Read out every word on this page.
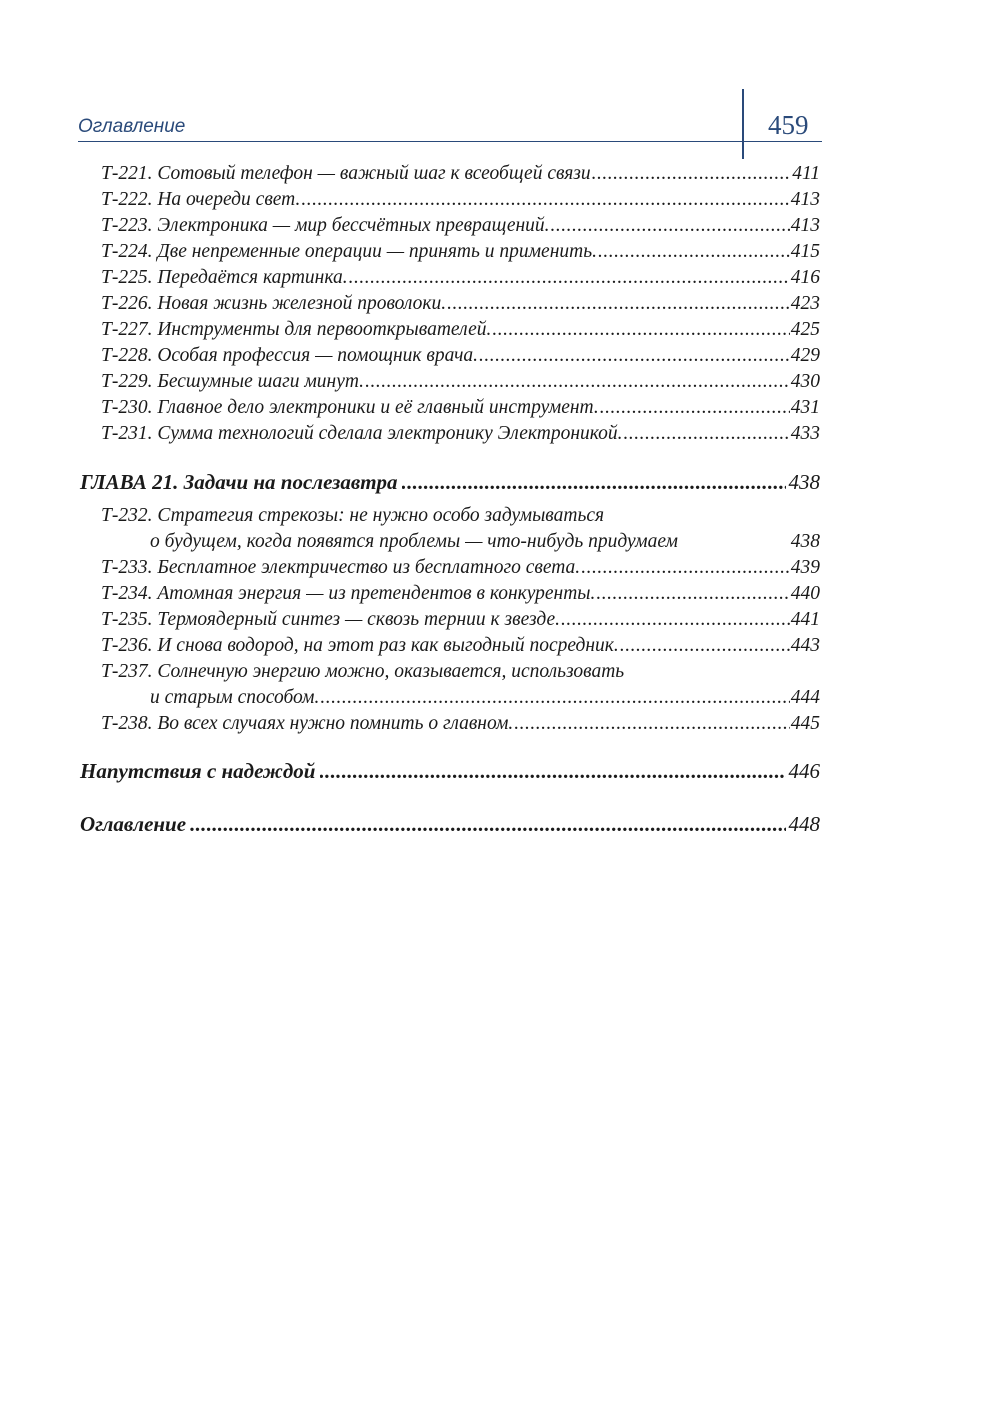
Оглавление	459
Т-221. Сотовый телефон — важный шаг к всеобщей связи .....	411
Т-222. На очереди свет. .....	413
Т-223. Электроника — мир бессчётных превращений. .....	413
Т-224. Две непременные операции — принять и применить. .....	415
Т-225. Передаётся картинка. .....	416
Т-226. Новая жизнь железной проволоки. .....	423
Т-227. Инструменты для первооткрывателей. .....	425
Т-228. Особая профессия — помощник врача. .....	429
Т-229. Бесшумные шаги минут. .....	430
Т-230. Главное дело электроники и её главный инструмент. .....	431
Т-231. Сумма технологий сделала электронику Электроникой. .....	433
ГЛАВА 21. Задачи на послезавтра .....	438
Т-232. Стратегия стрекозы: не нужно особо задумываться
о будущем, когда появятся проблемы — что-нибудь придумаем	438
Т-233. Бесплатное электричество из бесплатного света. .....	439
Т-234. Атомная энергия — из претендентов в конкуренты. .....	440
Т-235. Термоядерный синтез — сквозь тернии к звезде. .....	441
Т-236. И снова водород, на этот раз как выгодный посредник. .....	443
Т-237. Солнечную энергию можно, оказывается, использовать
и старым способом. .....	444
Т-238. Во всех случаях нужно помнить о главном. .....	445
Напутствия с надеждой .....	446
Оглавление .....	448
